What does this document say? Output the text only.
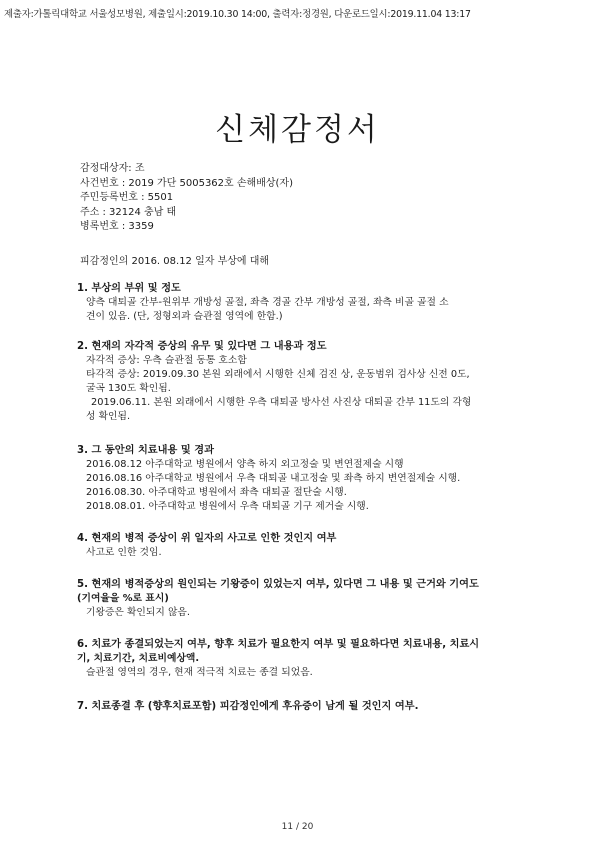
제출자:가톨릭대학교 서울성모병원, 제출일시:2019.10.30 14:00, 출력자:정경원, 다운로드일시:2019.11.04 13:17
신체감정서
감정대상자: 조
사건번호 : 2019 가단 5005362호 손해배상(자)
주민등록번호 : 5501
주소 : 32124 충남 태
병록번호 : 3359
피감정인의 2016. 08.12 일자 부상에 대해
1. 부상의 부위 및 정도
양측 대퇴골 간부-원위부 개방성 골절, 좌측 경골 간부 개방성 골절, 좌측 비골 골절 소
견이 있음. (단, 정형외과 슬관절 영역에 한함.)
2. 현재의 자각적 증상의 유무 및 있다면 그 내용과 정도
자각적 증상: 우측 슬관절 동통 호소함
타각적 증상: 2019.09.30 본원 외래에서 시행한 신체 검진 상, 운동범위 검사상 신전 0도,
굴곡 130도 확인됨.
2019.06.11. 본원 외래에서 시행한 우측 대퇴골 방사선 사진상 대퇴골 간부 11도의 각형
성 확인됨.
3. 그 동안의 치료내용 및 경과
2016.08.12 아주대학교 병원에서 양측 하지 외고정술 및 변연절제술 시행
2016.08.16 아주대학교 병원에서 우측 대퇴골 내고정술 및 좌측 하지 변연절제술 시행.
2016.08.30. 아주대학교 병원에서 좌측 대퇴골 절단술 시행.
2018.08.01. 아주대학교 병원에서 우측 대퇴골 기구 제거술 시행.
4. 현재의 병적 증상이 위 일자의 사고로 인한 것인지 여부
사고로 인한 것임.
5. 현재의 병적증상의 원인되는 기왕증이 있었는지 여부, 있다면 그 내용 및 근거와 기여도
(기여율을 %로 표시)
기왕증은 확인되지 않음.
6. 치료가 종결되었는지 여부, 향후 치료가 필요한지 여부 및 필요하다면 치료내용, 치료시
기, 치료기간, 치료비예상액.
슬관절 영역의 경우, 현재 적극적 치료는 종결 되었음.
7. 치료종결 후 (향후치료포함) 피감정인에게 후유증이 남게 될 것인지 여부.
11 / 20
